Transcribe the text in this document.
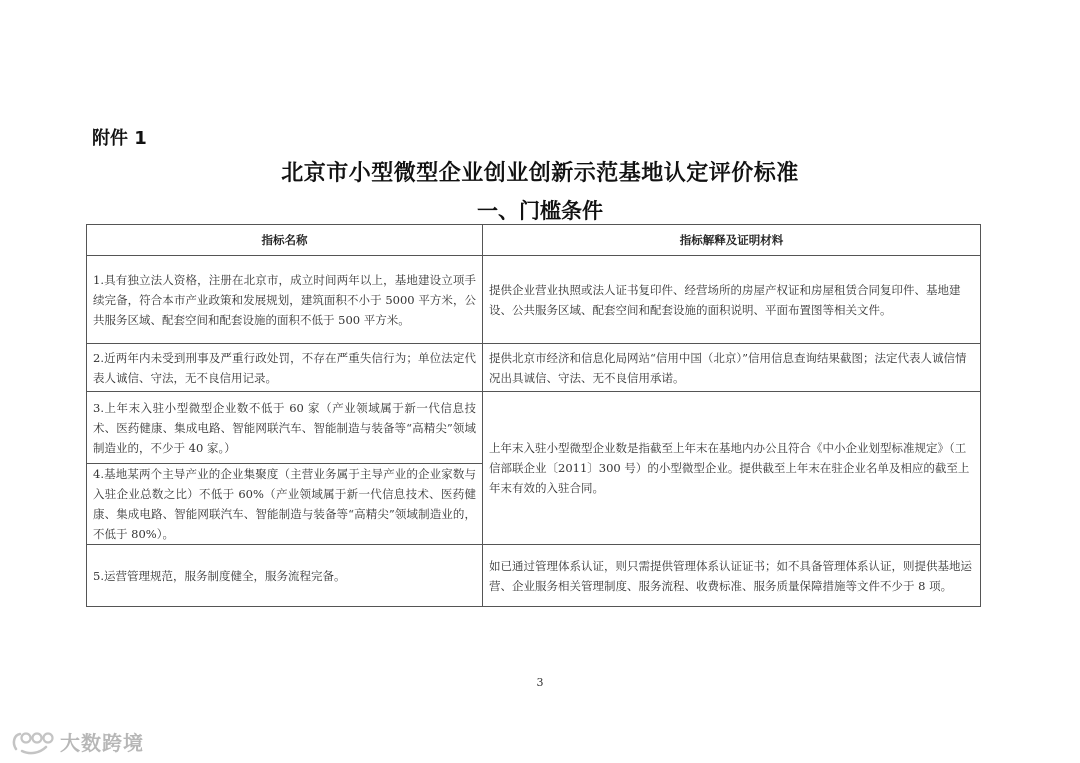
附件 1
北京市小型微型企业创业创新示范基地认定评价标准
一、门槛条件
指标名称	指标解释及证明材料
1.具有独立法人资格，注册在北京市，成立时间两年以上，基地建设立项手续完备，符合本市产业政策和发展规划，建筑面积不小于 5000 平方米，公共服务区域、配套空间和配套设施的面积不低于 500 平方米。	提供企业营业执照或法人证书复印件、经营场所的房屋产权证和房屋租赁合同复印件、基地建设、公共服务区域、配套空间和配套设施的面积说明、平面布置图等相关文件。
2.近两年内未受到刑事及严重行政处罚，不存在严重失信行为；单位法定代表人诚信、守法，无不良信用记录。	提供北京市经济和信息化局网站“信用中国（北京）”信用信息查询结果截图；法定代表人诚信情况出具诚信、守法、无不良信用承诺。
3.上年末入驻小型微型企业数不低于 60 家（产业领域属于新一代信息技术、医药健康、集成电路、智能网联汽车、智能制造与装备等“高精尖”领域制造业的，不少于 40 家。）	上年末入驻小型微型企业数是指截至上年末在基地内办公且符合《中小企业划型标准规定》（工信部联企业〔2011〕300 号）的小型微型企业。提供截至上年末在驻企业名单及相应的截至上年末有效的入驻合同。
4.基地某两个主导产业的企业集聚度（主营业务属于主导产业的企业家数与入驻企业总数之比）不低于 60%（产业领域属于新一代信息技术、医药健康、集成电路、智能网联汽车、智能制造与装备等“高精尖”领域制造业的，不低于 80%）。	
5.运营管理规范，服务制度健全，服务流程完备。	如已通过管理体系认证，则只需提供管理体系认证证书；如不具备管理体系认证，则提供基地运营、企业服务相关管理制度、服务流程、收费标准、服务质量保障措施等文件不少于 8 项。
3
大数跨境
